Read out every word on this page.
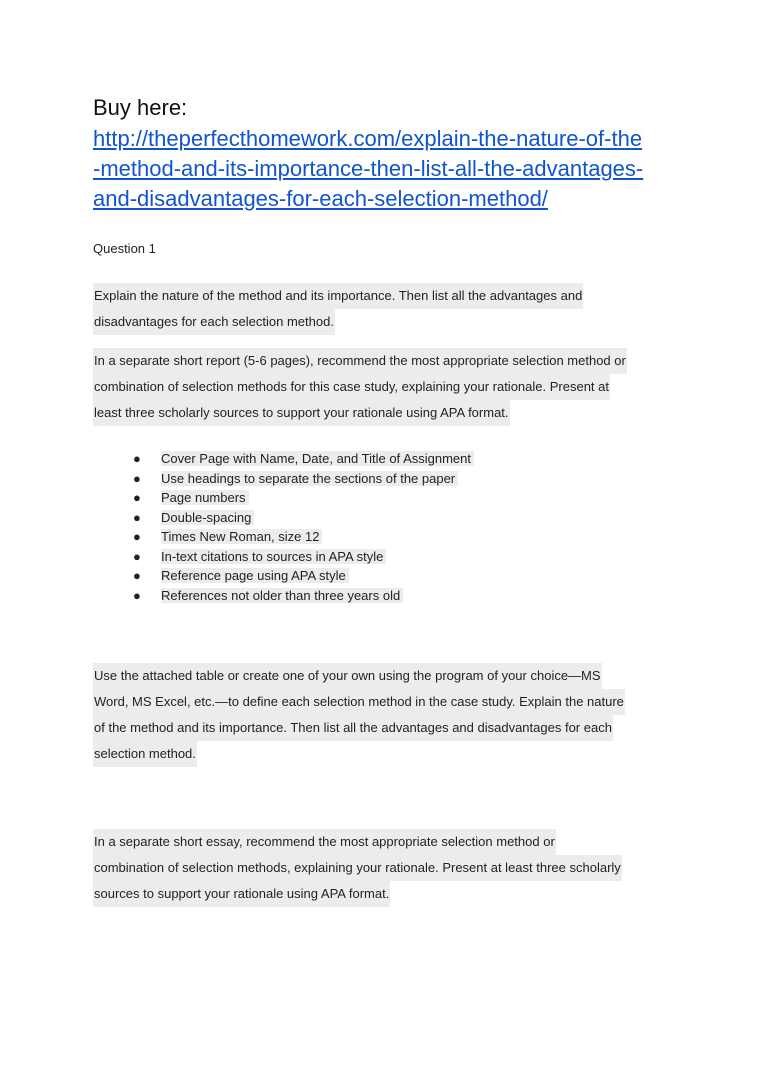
Buy here:
http://theperfecthomework.com/explain-the-nature-of-the
-method-and-its-importance-then-list-all-the-advantages-
and-disadvantages-for-each-selection-method/
Question 1
Explain the nature of the method and its importance. Then list all the advantages and
disadvantages for each selection method.
In a separate short report (5-6 pages), recommend the most appropriate selection method or
combination of selection methods for this case study, explaining your rationale. Present at
least three scholarly sources to support your rationale using APA format.
● Cover Page with Name, Date, and Title of Assignment
● Use headings to separate the sections of the paper
● Page numbers
● Double-spacing
● Times New Roman, size 12
● In-text citations to sources in APA style
● Reference page using APA style
● References not older than three years old
Use the attached table or create one of your own using the program of your choice—MS
Word, MS Excel, etc.—to define each selection method in the case study. Explain the nature
of the method and its importance. Then list all the advantages and disadvantages for each
selection method.
In a separate short essay, recommend the most appropriate selection method or
combination of selection methods, explaining your rationale. Present at least three scholarly
sources to support your rationale using APA format.
